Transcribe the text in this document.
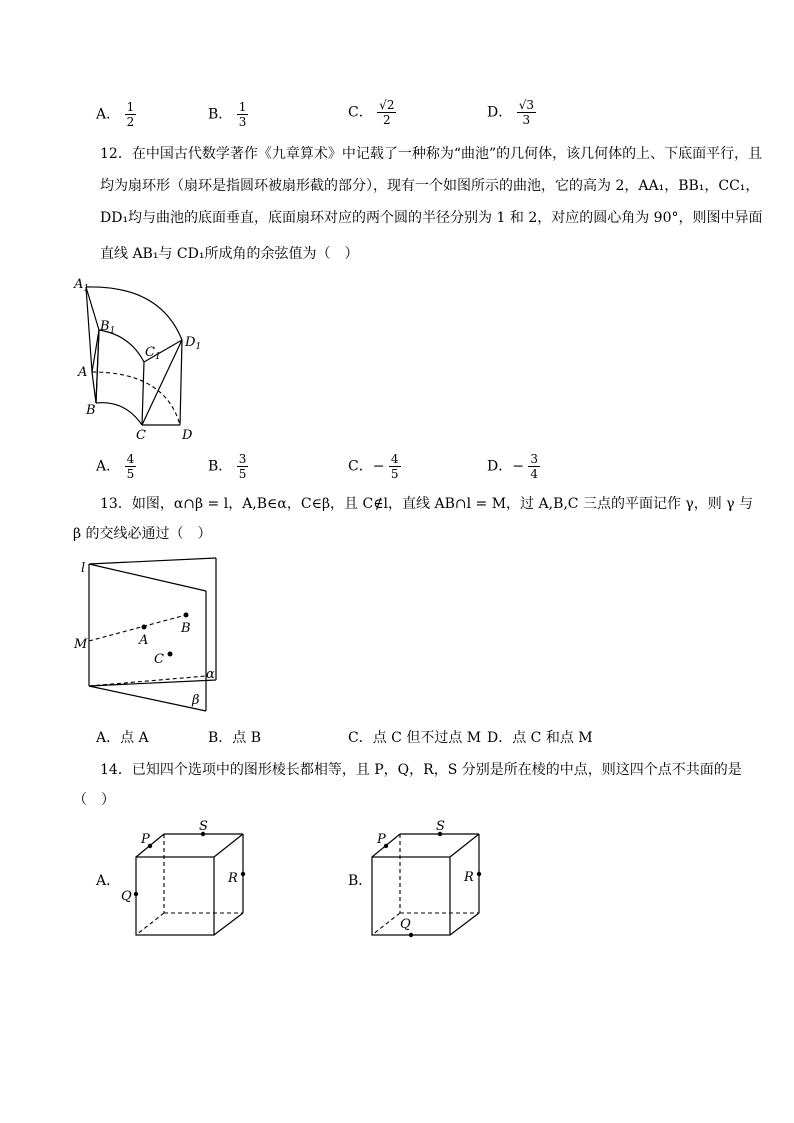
A． $\frac{1}{2}$	B． $\frac{1}{3}$	C． $\frac{√2}{2}$	D． $\frac{√3}{3}$
12．在中国古代数学著作《九章算术》中记载了一种称为“曲池”的几何体，该几何体的上、下底面平行，且
均为扇环形（扇环是指圆环被扇形截的部分），现有一个如图所示的曲池，它的高为 2，AA₁，BB₁，CC₁，
DD₁均与曲池的底面垂直，底面扇环对应的两个圆的半径分别为 1 和 2，对应的圆心角为 90°，则图中异面
直线 AB₁与 CD₁所成角的余弦值为（　）
$A_1$
$B_1$
$C_1$
$D_1$
A
B
C	D
A． $\frac{4}{5}$	B． $\frac{3}{5}$	C．− $\frac{4}{5}$	D．− $\frac{3}{4}$
13．如图，α∩β = l，A,B∈α，C∈β，且 C∉l，直线 AB∩l = M，过 A,B,C 三点的平面记作 γ，则 γ 与
β 的交线必通过（　）
l
M	A
B
C
α
β
A．点 A	B．点 B	C．点 C 但不过点 M D．点 C 和点 M
14．已知四个选项中的图形棱长都相等，且 P，Q，R，S 分别是所在棱的中点，则这四个点不共面的是
（　）
A．	B．
P
S
R
Q
P
S
R
Q
